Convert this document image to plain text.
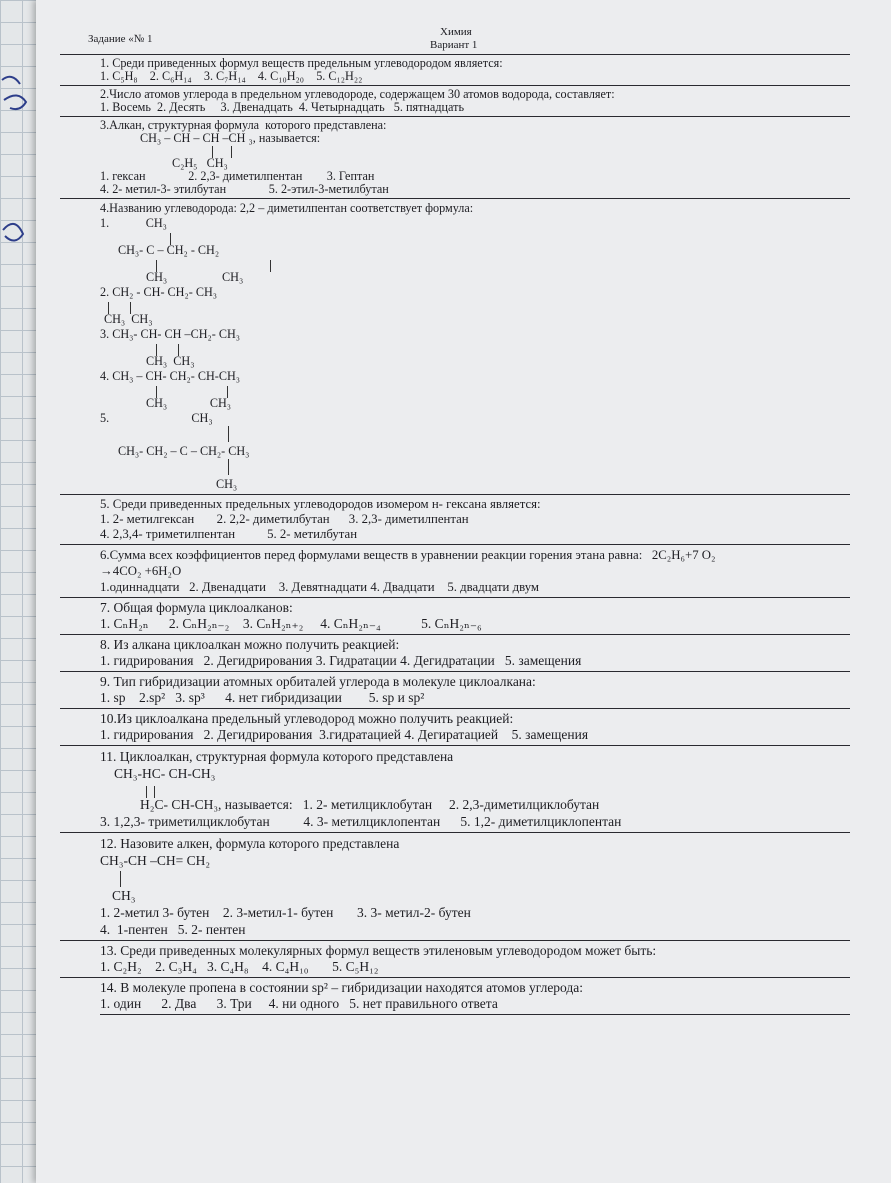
Химия
Вариант 1
Задание «№ 1

1. Среди приведенных формул веществ предельным углеводородом является:

1. C₅H₈    2. C₆H₁₄    3. C₇H₁₄    4. C₁₀H₂₀    5. C₁₂H₂₂

2.Число атомов углерода в предельном углеводороде, содержащем 30 атомов водорода, составляет:

1. Восемь  2. Десять     3. Двенадцать  4. Четырнадцать   5. пятнадцать

3.Алкан, структурная формула  которого представлена:

CH₃ – CH – CH –CH ₃, называется:

C₂H₅   CH₃

1. гексан              2. 2,3- диметилпентан        3. Гептан

4. 2- метил-3- этилбутан              5. 2-этил-3-метилбутан

4.Названию углеводорода: 2,2 – диметилпентан соответствует формула:

1.	CH₃

CH₃- C – CH₂ - CH₂

CH₃                  CH₃

2. CH₂ - CH- CH₂- CH₃

CH₃  CH₃

3. CH₃- CH- CH –CH₂- CH₃

CH₃  CH₃

4. CH₃ – CH- CH₂- CH-CH₃

CH₃              CH₃

5.	CH₃

CH₃- CH₂ – C – CH₂- CH₃

CH₃

5. Среди приведенных предельных углеводородов изомером н- гексана является:

1. 2- метилгексан       2. 2,2- диметилбутан      3. 2,3- диметилпентан

4. 2,3,4- триметилпентан          5. 2- метилбутан

6.Сумма всех коэффициентов перед формулами веществ в уравнении реакции горения этана равна:   2C₂H₆+7 O₂

→4CO₂ +6H₂O

1.одиннадцати   2. Двенадцати    3. Девятнадцати 4. Двадцати    5. двадцати двум

7. Общая формула циклоалканов:

1. CₙH₂ₙ      2. CₙH₂ₙ₋₂    3. CₙH₂ₙ₊₂     4. CₙH₂ₙ₋₄            5. CₙH₂ₙ₋₆

8. Из алкана циклоалкан можно получить реакцией:

1. гидрирования   2. Дегидрирования 3. Гидратации 4. Дегидратации   5. замещения

9. Тип гибридизации атомных орбиталей углерода в молекуле циклоалкана:

1. sp    2.sp²   3. sp³      4. нет гибридизации        5. sp и sp²

10.Из циклоалкана предельный углеводород можно получить реакцией:

1. гидрирования   2. Дегидрирования  3.гидратацией 4. Дегиратацией    5. замещения

11. Циклоалкан, структурная формула которого представлена

CH₃-HC- CH-CH₃

H₂C- CH-CH₃, называется:   1. 2- метилциклобутан     2. 2,3-диметилциклобутан

3. 1,2,3- триметилциклобутан          4. 3- метилциклопентан      5. 1,2- диметилциклопентан

12. Назовите алкен, формула которого представлена

CH₃-CH –CH= CH₂

CH₃

1. 2-метил 3- бутен    2. 3-метил-1- бутен       3. 3- метил-2- бутен

4.  1-пентен   5. 2- пентен

13. Среди приведенных молекулярных формул веществ этиленовым углеводородом может быть:

1. C₂H₂    2. C₃H₄   3. C₄H₈    4. C₄H₁₀       5. C₅H₁₂

14. В молекуле пропена в состоянии sp² – гибридизации находятся атомов углерода:

1. один      2. Два      3. Три     4. ни одного   5. нет правильного ответа
